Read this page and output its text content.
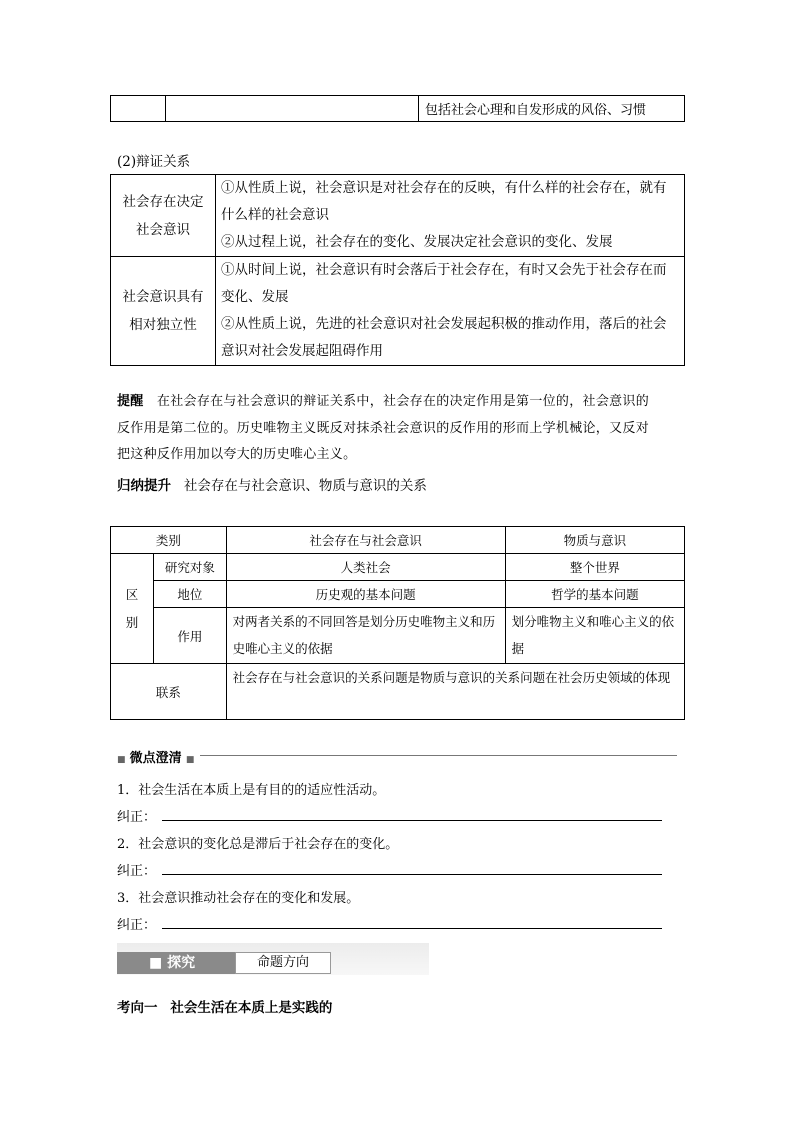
		包括社会心理和自发形成的风俗、习惯
(2)辩证关系
社会存在决定社会意识	①从性质上说，社会意识是对社会存在的反映，有什么样的社会存在，就有
什么样的社会意识
②从过程上说，社会存在的变化、发展决定社会意识的变化、发展

社会意识具有相对独立性	①从时间上说，社会意识有时会落后于社会存在，有时又会先于社会存在而
变化、发展
②从性质上说，先进的社会意识对社会发展起积极的推动作用，落后的社会
意识对社会发展起阻碍作用
提醒 在社会存在与社会意识的辩证关系中，社会存在的决定作用是第一位的，社会意识的
反作用是第二位的。历史唯物主义既反对抹杀社会意识的反作用的形而上学机械论，又反对
把这种反作用加以夸大的历史唯心主义。
归纳提升 社会存在与社会意识、物质与意识的关系
类别		社会存在与社会意识	物质与意识

区别	研究对象	人类社会	整个世界
	地位	历史观的基本问题	哲学的基本问题
	作用	对两者关系的不同回答是划分历史唯物主义和历史唯心主义的依据	划分唯物主义和唯心主义的依据
联系		社会存在与社会意识的关系问题是物质与意识的关系问题在社会历史领域的体现	
■ 微点澄清 ■
1．社会生活在本质上是有目的的适应性活动。
纠正：
2．社会意识的变化总是滞后于社会存在的变化。
纠正：
3．社会意识推动社会存在的变化和发展。
纠正：
■ 探究	命题方向
考向一 社会生活在本质上是实践的
